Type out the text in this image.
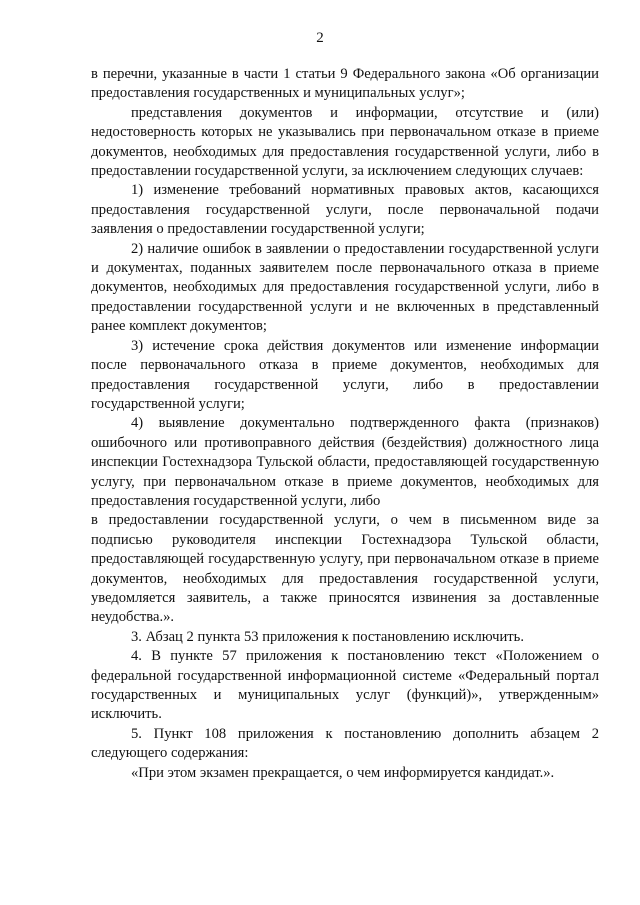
2

в перечни, указанные в части 1 статьи 9 Федерального закона «Об организации предоставления государственных и муниципальных услуг»;

представления документов и информации, отсутствие и (или) недостоверность которых не указывались при первоначальном отказе в приеме документов, необходимых для предоставления государственной услуги, либо в предоставлении государственной услуги, за исключением следующих случаев:

1) изменение требований нормативных правовых актов, касающихся предоставления государственной услуги, после первоначальной подачи заявления о предоставлении государственной услуги;

2) наличие ошибок в заявлении о предоставлении государственной услуги и документах, поданных заявителем после первоначального отказа в приеме документов, необходимых для предоставления государственной услуги, либо в предоставлении государственной услуги и не включенных в представленный ранее комплект документов;

3) истечение срока действия документов или изменение информации после первоначального отказа в приеме документов, необходимых для предоставления государственной услуги, либо в предоставлении государственной услуги;

4) выявление документально подтвержденного факта (признаков) ошибочного или противоправного действия (бездействия) должностного лица инспекции Гостехнадзора Тульской области, предоставляющей государственную услугу, при первоначальном отказе в приеме документов, необходимых для предоставления государственной услуги, либо
в предоставлении государственной услуги, о чем в письменном виде за подписью руководителя инспекции Гостехнадзора Тульской области, предоставляющей государственную услугу, при первоначальном отказе в приеме документов, необходимых для предоставления государственной услуги, уведомляется заявитель, а также приносятся извинения за доставленные неудобства.».

3. Абзац 2 пункта 53 приложения к постановлению исключить.

4. В пункте 57 приложения к постановлению текст «Положением о федеральной государственной информационной системе «Федеральный портал государственных и муниципальных услуг (функций)», утвержденным» исключить.

5. Пункт 108 приложения к постановлению дополнить абзацем 2 следующего содержания:

«При этом экзамен прекращается, о чем информируется кандидат.».
